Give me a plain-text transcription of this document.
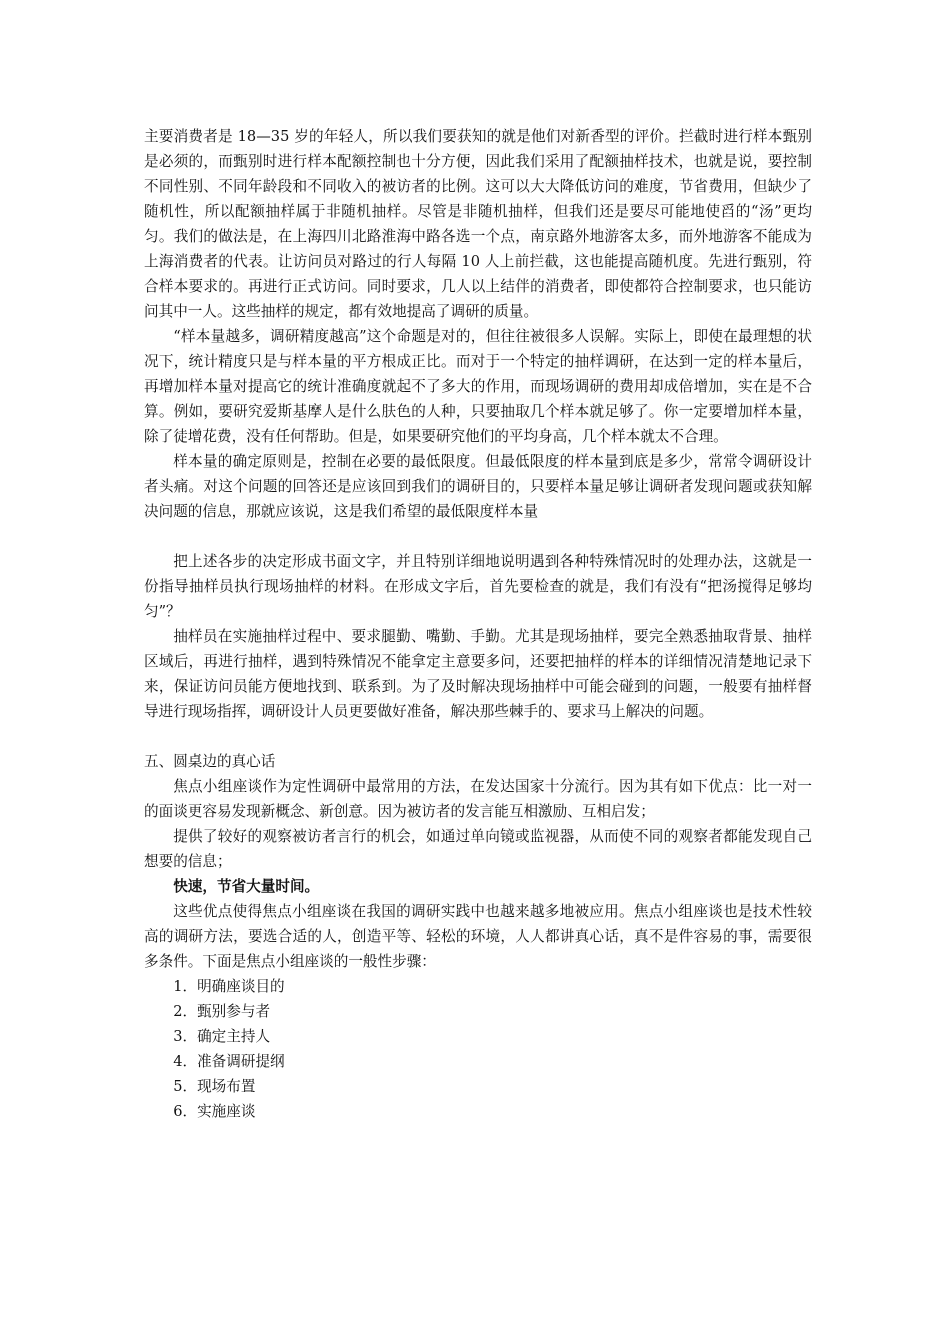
主要消费者是 18—35 岁的年轻人，所以我们要获知的就是他们对新香型的评价。拦截时进行样本甄别是必须的，而甄别时进行样本配额控制也十分方便，因此我们采用了配额抽样技术，也就是说，要控制不同性别、不同年龄段和不同收入的被访者的比例。这可以大大降低访问的难度，节省费用，但缺少了随机性，所以配额抽样属于非随机抽样。尽管是非随机抽样，但我们还是要尽可能地使舀的“汤”更均匀。我们的做法是，在上海四川北路淮海中路各选一个点，南京路外地游客太多，而外地游客不能成为上海消费者的代表。让访问员对路过的行人每隔 10 人上前拦截，这也能提高随机度。先进行甄别，符合样本要求的。再进行正式访问。同时要求，几人以上结伴的消费者，即使都符合控制要求，也只能访问其中一人。这些抽样的规定，都有效地提高了调研的质量。

“样本量越多，调研精度越高”这个命题是对的，但往往被很多人误解。实际上，即使在最理想的状况下，统计精度只是与样本量的平方根成正比。而对于一个特定的抽样调研，在达到一定的样本量后，再增加样本量对提高它的统计准确度就起不了多大的作用，而现场调研的费用却成倍增加，实在是不合算。例如，要研究爱斯基摩人是什么肤色的人种，只要抽取几个样本就足够了。你一定要增加样本量，除了徒增花费，没有任何帮助。但是，如果要研究他们的平均身高，几个样本就太不合理。

样本量的确定原则是，控制在必要的最低限度。但最低限度的样本量到底是多少，常常令调研设计者头痛。对这个问题的回答还是应该回到我们的调研目的，只要样本量足够让调研者发现问题或获知解决问题的信息，那就应该说，这是我们希望的最低限度样本量

把上述各步的决定形成书面文字，并且特别详细地说明遇到各种特殊情况时的处理办法，这就是一份指导抽样员执行现场抽样的材料。在形成文字后，首先要检查的就是，我们有没有“把汤搅得足够均匀”？

抽样员在实施抽样过程中、要求腿勤、嘴勤、手勤。尤其是现场抽样，要完全熟悉抽取背景、抽样区域后，再进行抽样，遇到特殊情况不能拿定主意要多问，还要把抽样的样本的详细情况清楚地记录下来，保证访问员能方便地找到、联系到。为了及时解决现场抽样中可能会碰到的问题，一般要有抽样督导进行现场指挥，调研设计人员更要做好准备，解决那些棘手的、要求马上解决的问题。

五、圆桌边的真心话

焦点小组座谈作为定性调研中最常用的方法，在发达国家十分流行。因为其有如下优点：比一对一的面谈更容易发现新概念、新创意。因为被访者的发言能互相激励、互相启发；

提供了较好的观察被访者言行的机会，如通过单向镜或监视器，从而使不同的观察者都能发现自己想要的信息；

快速，节省大量时间。

这些优点使得焦点小组座谈在我国的调研实践中也越来越多地被应用。焦点小组座谈也是技术性较高的调研方法，要选合适的人，创造平等、轻松的环境，人人都讲真心话，真不是件容易的事，需要很多条件。下面是焦点小组座谈的一般性步骤：

1．明确座谈目的
2．甄别参与者
3．确定主持人
4．准备调研提纲
5．现场布置
6．实施座谈
